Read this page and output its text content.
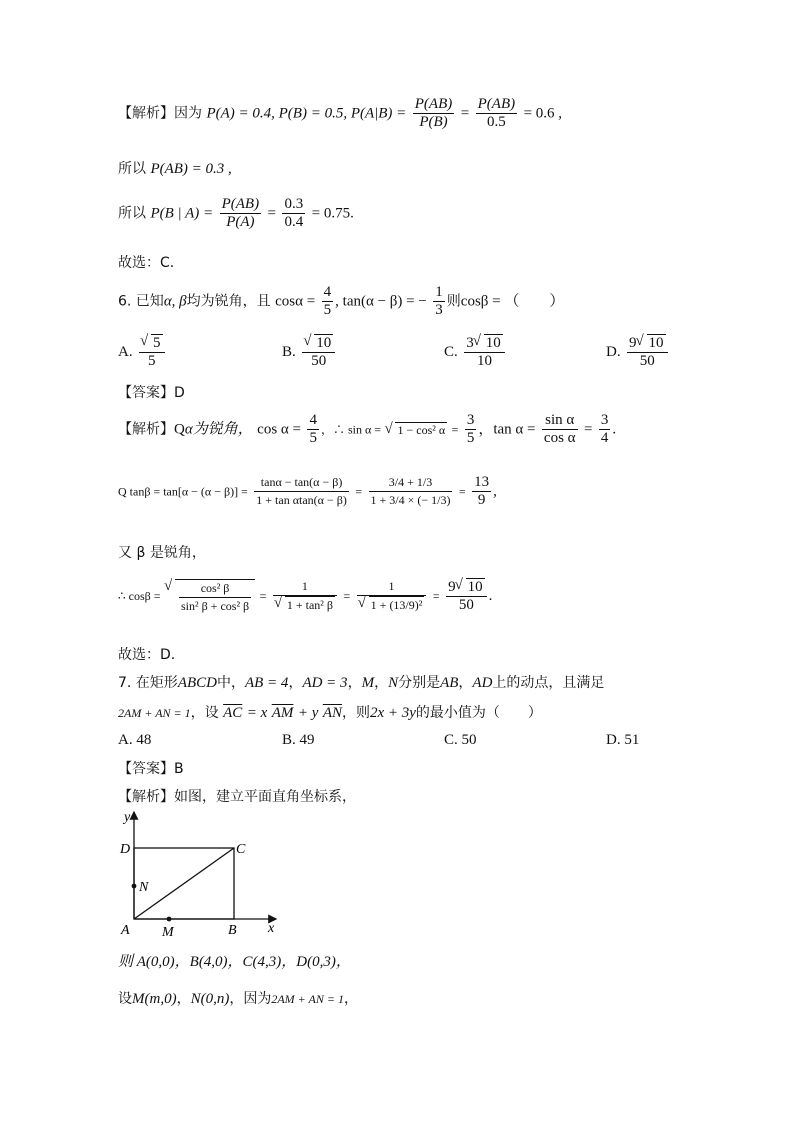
【解析】因为 P(A) = 0.4, P(B) = 0.5, $P(A|B) = \frac{P(AB)}{P(B)} = \frac{P(AB)}{0.5} = 0.6$ ,
所以 P(AB) = 0.3 ,
所以 P(B | $A) = \frac{P(AB)}{P(A)} = \frac{0.3}{0.4} = 0.75$.
故选：C.
6. 已知α, β均为锐角，且 $\cos\alpha = \frac{4}{5}$ , tan(α − β) = − $\frac{1}{3}$ 则cosβ = （　　）
A. √ $\frac{5}{5}$	B. √ $\frac{10}{50}$	C. $\frac{3 √ 10}{10}$	D. $\frac{9 √ 10}{50}$
【答案】D
【解析】Qα为锐角， $\cos \alpha = \frac{4}{5}$ ，∴ sin α = √ 1 − cos² $\alpha = \frac{3}{5}$ ，$\tan \alpha = \frac{\text{sin α}}{\text{cos α}} = \frac{3}{4}$ .
Q $\tan\beta = \tan[\alpha - (\alpha - \beta)] = \frac{\tan\alpha - \tan(\alpha - \beta)}{\text{1 + tan αtan(α − β)}} = \frac{3/4 + 1/3}{1 + 3/4 \times (- 1/3)} = \frac{13}{9}$ ,
又 β 是锐角，
∴ cosβ = √ $\frac{\text{cos² β}}{\text{sin² β + cos² β}} = 1$
√ 1 + tan² β = 1
√ $1 + (13/9)^2 = \frac{9 √ 10}{50}$ .
故选：D.
7. 在矩形ABCD中，AB = 4，AD = 3，M，N分别是AB，AD上的动点，且满足
2AM + AN = 1，设 $\overline{AC} = x$ $\overline{AM} + y$ $\overline{AN}$，则2x + 3y的最小值为（　　）
A. 48	B. 49	C. 50	D. 51
【答案】B
【解析】如图，建立平面直角坐标系，
y
x
D	C
N
A M	B
则 A(0,0)，B(4,0)，C(4,3)，D(0,3)，
设M(m,0)，N(0,n)，因为2AM + AN = 1，
